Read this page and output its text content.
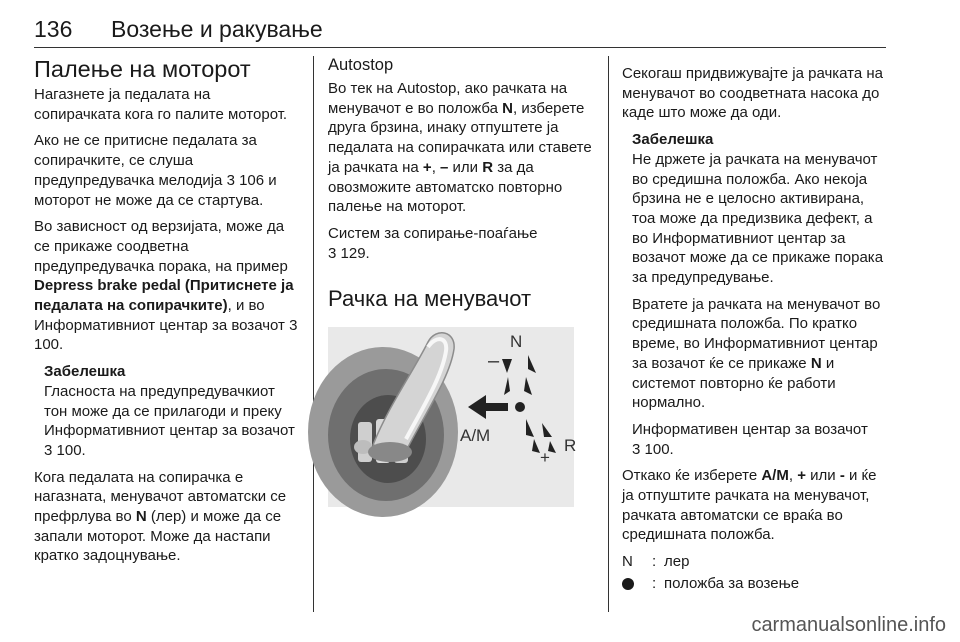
136 Возење и ракување
Палење на моторот

Нагазнете ја педалата на сопирачката кога го палите моторот.

Ако не се притисне педалата за сопирачките, се слуша предупредувачка мелодија 3 106 и моторот не може да се стартува.

Во зависност од верзијата, може да се прикаже соодветна предупредувачка порака, на пример Depress brake pedal (Притиснете ја педалата на сопирачките), и во Информативниот центар за возачот 3 100.

Забелешка

Гласноста на предупредувачкиот тон може да се прилагоди и преку Информативниот центар за возачот 3 100.

Кога педалата на сопирачка е нагазната, менувачот автоматски се префрлува во N (лер) и може да се запали моторот. Може да настапи кратко задоцнување.

Autostop

Во тек на Autostop, ако рачката на менувачот е во положба N, изберете друга брзина, инаку отпуштете ја педалата на сопирачката или ставете ја рачката на +, – или R за да овозможите автоматско повторно палење на моторот.

Систем за сопирање-поаѓање
3 129.

Рачка на менувачот
N
–
A/M
+
R

Секогаш придвижувајте ја рачката на менувачот во соодветната насока до каде што може да оди.

Забелешка

Не држете ја рачката на менувачот во средишна положба. Ако некоја брзина не е целосно активирана, тоа може да предизвика дефект, а во Информативниот центар за возачот може да се прикаже порака за предупредување.

Вратете ја рачката на менувачот во средишната положба. По кратко време, во Информативниот центар за возачот ќе се прикаже N и системот повторно ќе работи нормално.

Информативен центар за возачот
3 100.

Откако ќе изберете A/M, + или - и ќе ја отпуштите рачката на менувачот, рачката автоматски се враќа во средишната положба.

N	: лер
: положба за возење
carmanualsonline.info
